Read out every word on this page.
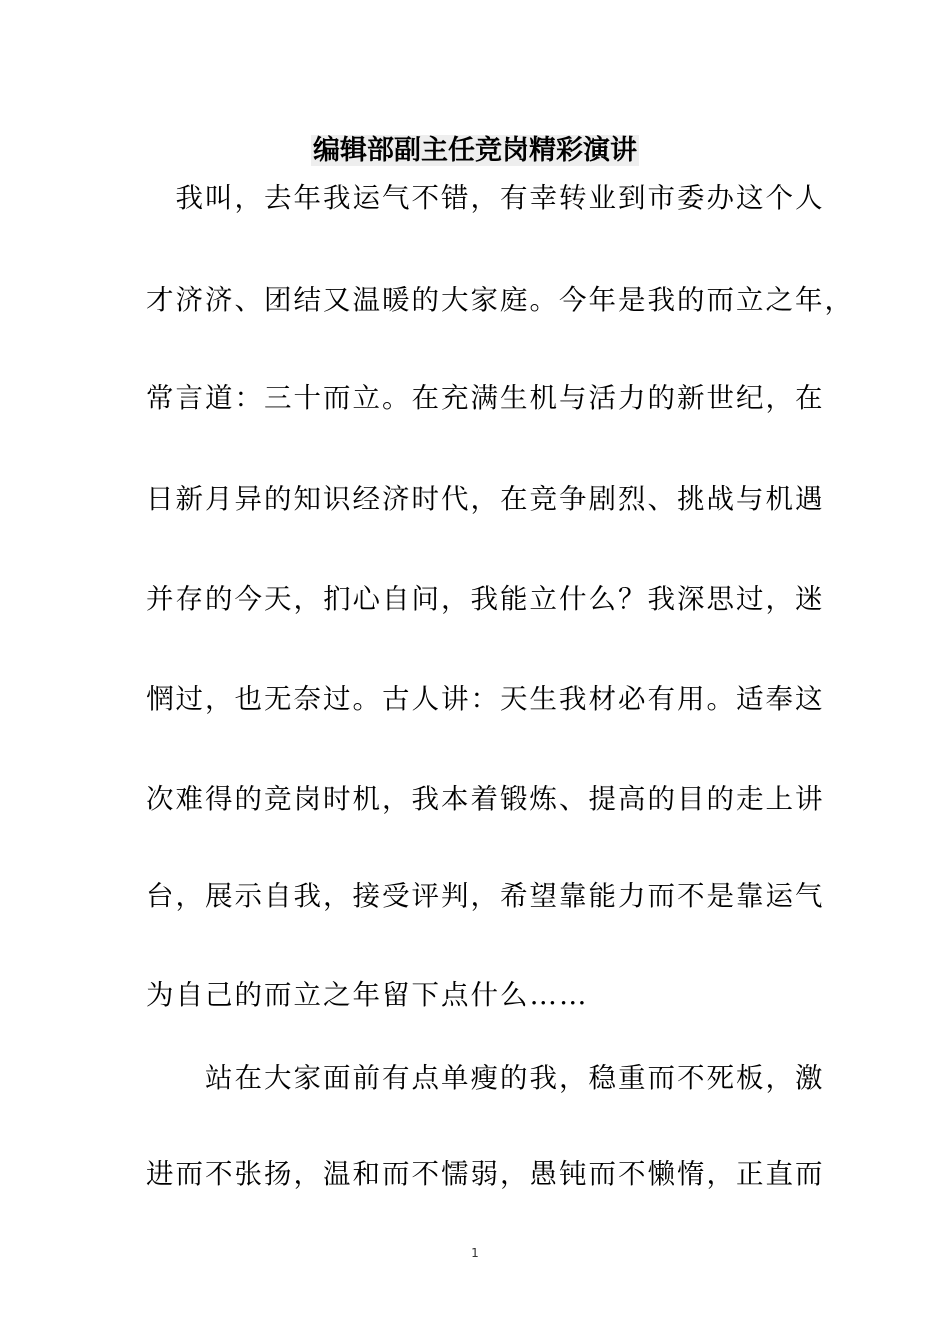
编辑部副主任竞岗精彩演讲
　我叫，去年我运气不错，有幸转业到市委办这个人
才济济、团结又温暖的大家庭。今年是我的而立之年，
常言道：三十而立。在充满生机与活力的新世纪，在
日新月异的知识经济时代，在竞争剧烈、挑战与机遇
并存的今天，扪心自问，我能立什么？我深思过，迷
惘过，也无奈过。古人讲：天生我材必有用。适奉这
次难得的竞岗时机，我本着锻炼、提高的目的走上讲
台，展示自我，接受评判，希望靠能力而不是靠运气
为自己的而立之年留下点什么……
　　站在大家面前有点单瘦的我，稳重而不死板，激
进而不张扬，温和而不懦弱，愚钝而不懒惰，正直而
1
